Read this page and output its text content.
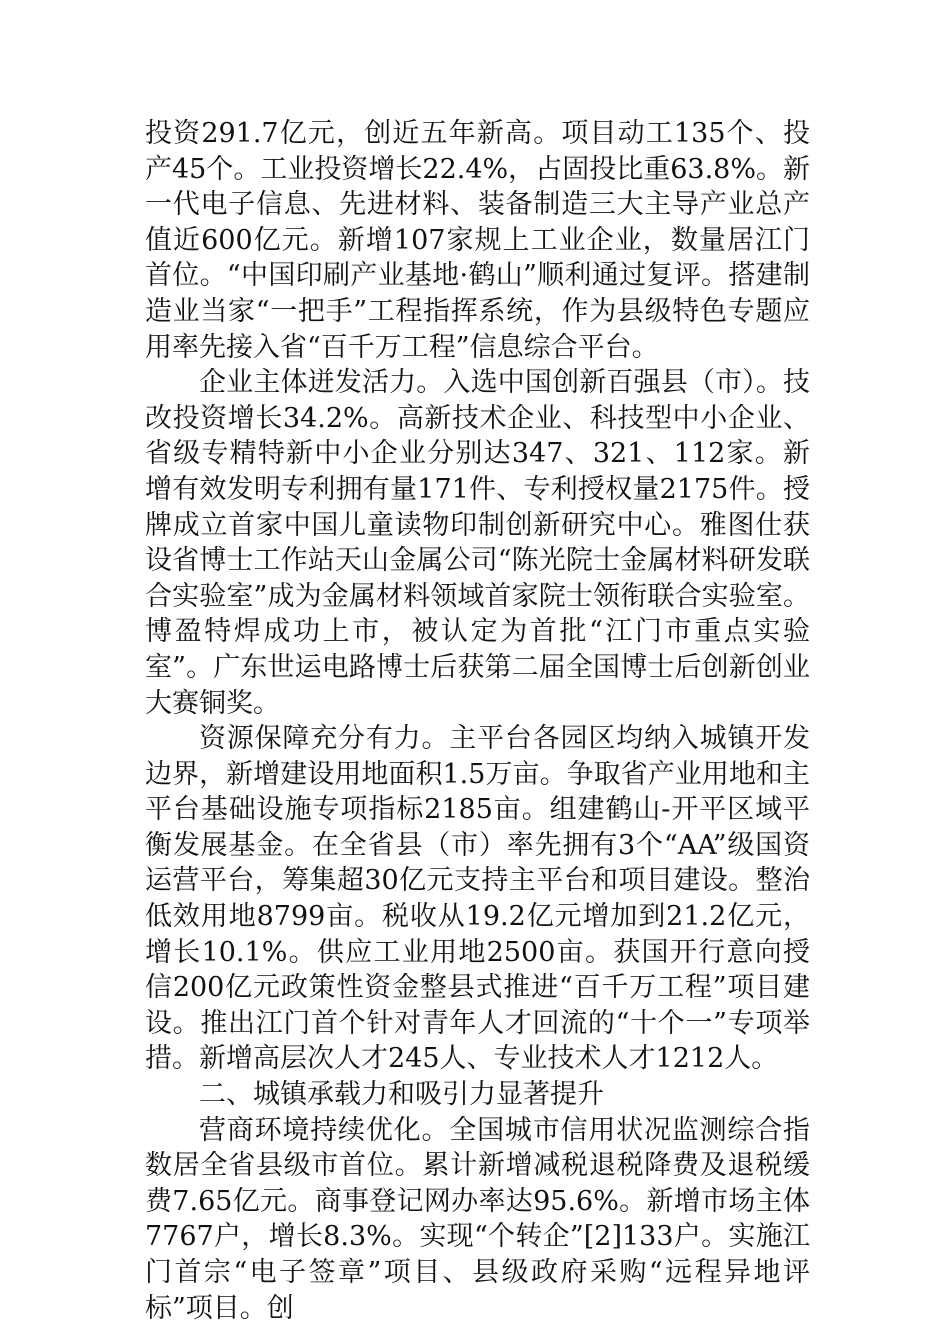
投资291.7亿元，创近五年新高。项目动工135个、投产45个。工业投资增长22.4%，占固投比重63.8%。新一代电子信息、先进材料、装备制造三大主导产业总产值近600亿元。新增107家规上工业企业，数量居江门首位。“中国印刷产业基地·鹤山”顺利通过复评。搭建制造业当家“一把手”工程指挥系统，作为县级特色专题应用率先接入省“百千万工程”信息综合平台。

企业主体迸发活力。入选中国创新百强县（市）。技改投资增长34.2%。高新技术企业、科技型中小企业、省级专精特新中小企业分别达347、321、112家。新增有效发明专利拥有量171件、专利授权量2175件。授牌成立首家中国儿童读物印制创新研究中心。雅图仕获设省博士工作站天山金属公司“陈光院士金属材料研发联合实验室”成为金属材料领域首家院士领衔联合实验室。博盈特焊成功上市，被认定为首批“江门市重点实验室”。广东世运电路博士后获第二届全国博士后创新创业大赛铜奖。

资源保障充分有力。主平台各园区均纳入城镇开发边界，新增建设用地面积1.5万亩。争取省产业用地和主平台基础设施专项指标2185亩。组建鹤山-开平区域平衡发展基金。在全省县（市）率先拥有3个“AA”级国资运营平台，筹集超30亿元支持主平台和项目建设。整治低效用地8799亩。税收从19.2亿元增加到21.2亿元，增长10.1%。供应工业用地2500亩。获国开行意向授信200亿元政策性资金整县式推进“百千万工程”项目建设。推出江门首个针对青年人才回流的“十个一”专项举措。新增高层次人才245人、专业技术人才1212人。

二、城镇承载力和吸引力显著提升

营商环境持续优化。全国城市信用状况监测综合指数居全省县级市首位。累计新增减税退税降费及退税缓费7.65亿元。商事登记网办率达95.6%。新增市场主体7767户，增长8.3%。实现“个转企”[2]133户。实施江门首宗“电子签章”项目、县级政府采购“远程异地评标”项目。创
